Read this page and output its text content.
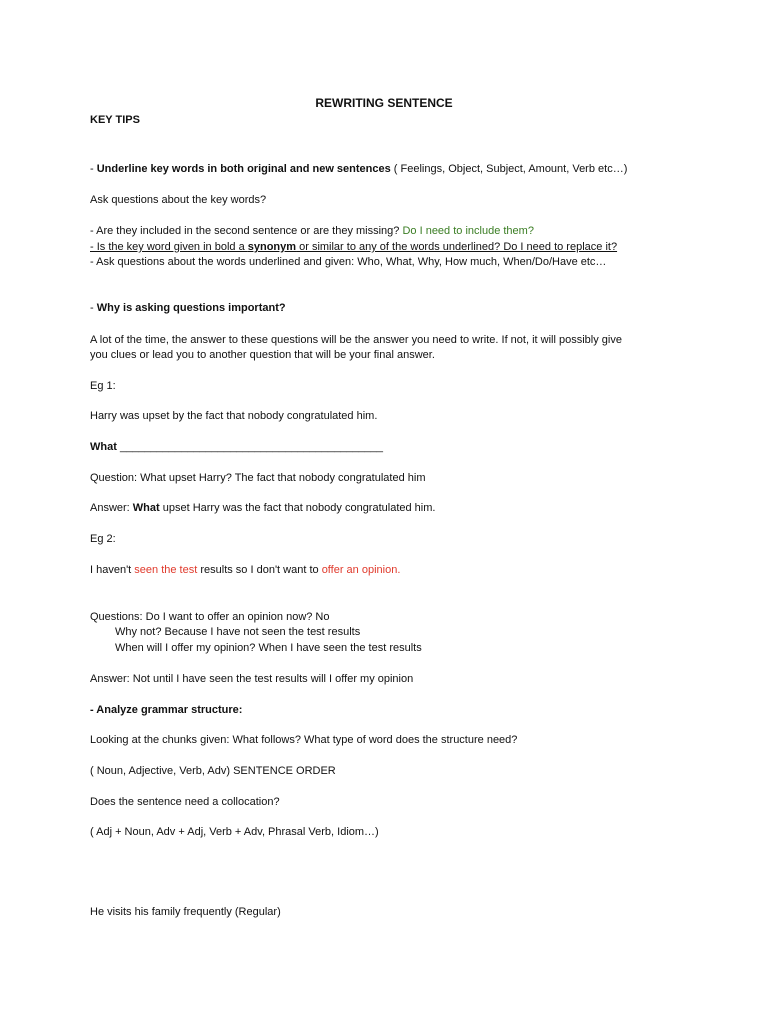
REWRITING SENTENCE
KEY TIPS
- Underline key words in both original and new sentences ( Feelings, Object, Subject, Amount, Verb etc…)
Ask questions about the key words?
- Are they included in the second sentence or are they missing? Do I need to include them?
- Is the key word given in bold a synonym or similar to any of the words underlined? Do I need to replace it?
- Ask questions about the words underlined and given: Who, What, Why, How much, When/Do/Have etc…
- Why is asking questions important?
A lot of the time, the answer to these questions will be the answer you need to write. If not, it will possibly give
you clues or lead you to another question that will be your final answer.
Eg 1:
Harry was upset by the fact that nobody congratulated him.
What ___________________________________________
Question: What upset Harry? The fact that nobody congratulated him
Answer: What upset Harry was the fact that nobody congratulated him.
Eg 2:
I haven't seen the test results so I don't want to offer an opinion.
Questions: Do I want to offer an opinion now? No
Why not? Because I have not seen the test results
When will I offer my opinion? When I have seen the test results
Answer: Not until I have seen the test results will I offer my opinion
- Analyze grammar structure:
Looking at the chunks given: What follows? What type of word does the structure need?
( Noun, Adjective, Verb, Adv) SENTENCE ORDER
Does the sentence need a collocation?
( Adj + Noun, Adv + Adj, Verb + Adv, Phrasal Verb, Idiom…)
He visits his family frequently (Regular)
